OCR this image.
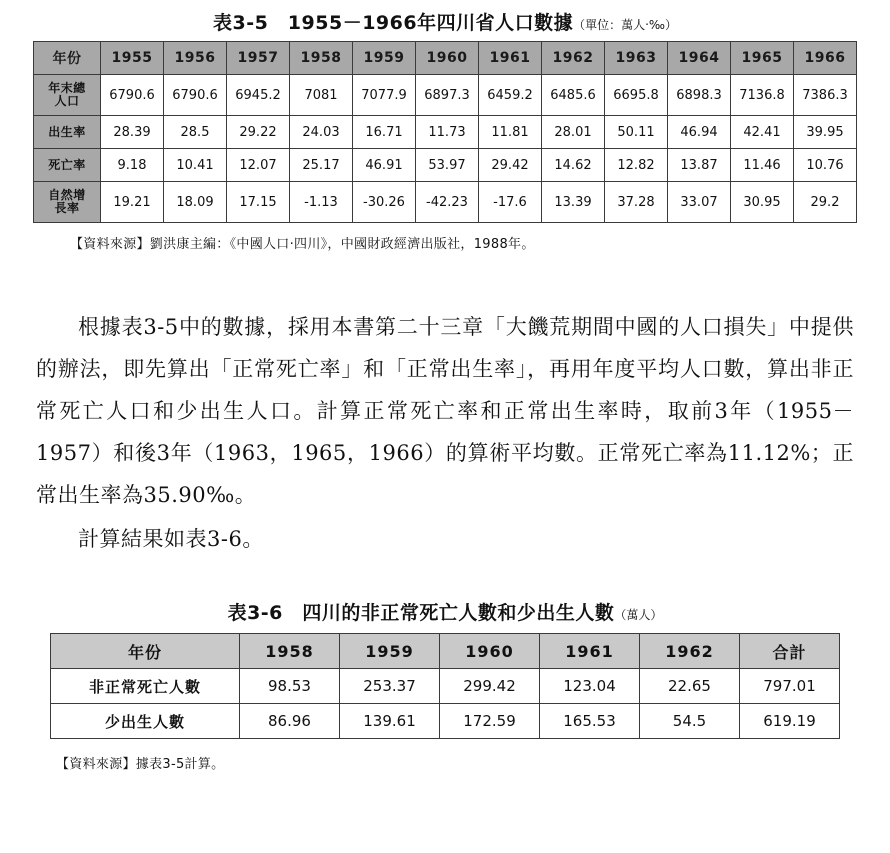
表3-5　1955－1966年四川省人口數據（單位：萬人‧‰）
年份	1955	1956	1957	1958	1959	1960	1961	1962	1963	1964	1965	1966
年末總
人口	6790.6	6790.6	6945.2	7081	7077.9	6897.3	6459.2	6485.6	6695.8	6898.3	7136.8	7386.3
出生率	28.39	28.5	29.22	24.03	16.71	11.73	11.81	28.01	50.11	46.94	42.41	39.95
死亡率	9.18	10.41	12.07	25.17	46.91	53.97	29.42	14.62	12.82	13.87	11.46	10.76
自然增
長率	19.21	18.09	17.15	-1.13	-30.26	-42.23	-17.6	13.39	37.28	33.07	30.95	29.2
【資料來源】劉洪康主編：《中國人口‧四川》，中國財政經濟出版社，1988年。

根據表3-5中的數據，採用本書第二十三章「大饑荒期間中國的人口損失」中提供的辦法，即先算出「正常死亡率」和「正常出生率」，再用年度平均人口數，算出非正常死亡人口和少出生人口。計算正常死亡率和正常出生率時，取前3年（1955－1957）和後3年（1963，1965，1966）的算術平均數。正常死亡率為11.12%；正常出生率為35.90‰。

計算結果如表3-6。

表3-6　四川的非正常死亡人數和少出生人數（萬人）
年份	1958	1959	1960	1961	1962	合計
非正常死亡人數	98.53	253.37	299.42	123.04	22.65	797.01
少出生人數	86.96	139.61	172.59	165.53	54.5	619.19
【資料來源】據表3-5計算。
